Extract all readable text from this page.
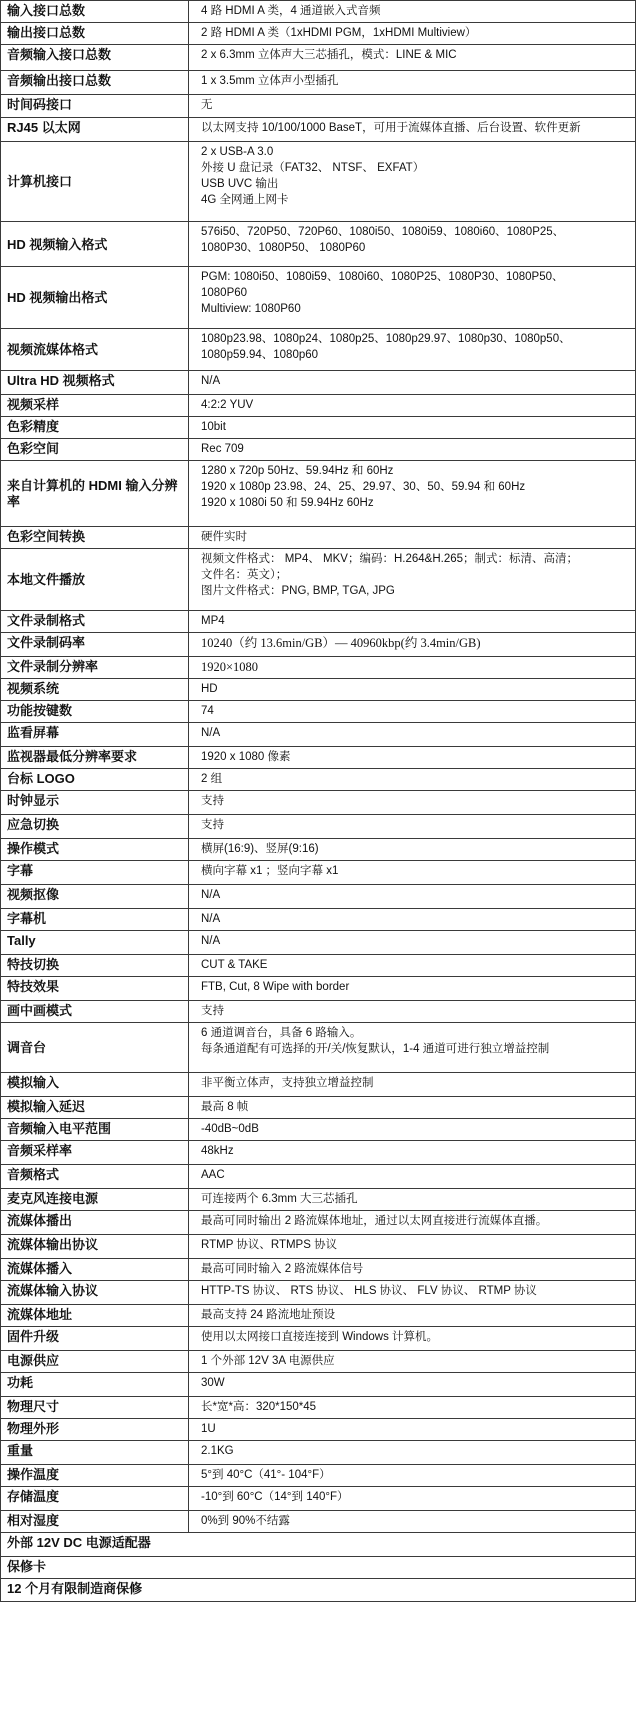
输入接口总数	4 路 HDMI A 类，4 通道嵌入式音频

输出接口总数	2 路 HDMI A 类（1xHDMI PGM，1xHDMI Multiview）

音频输入接口总数	2 x 6.3mm 立体声大三芯插孔，模式：LINE & MIC

音频输出接口总数	1 x 3.5mm 立体声小型插孔

时间码接口	无

RJ45 以太网	以太网支持 10/100/1000 BaseT，可用于流媒体直播、后台设置、软件更新

计算机接口	2 x USB-A 3.0
外接 U 盘记录（FAT32、 NTSF、 EXFAT）
USB UVC 输出
4G 全网通上网卡

HD 视频输入格式	576i50、720P50、720P60、1080i50、1080i59、1080i60、1080P25、
1080P30、1080P50、 1080P60

HD 视频输出格式	PGM: 1080i50、1080i59、1080i60、1080P25、1080P30、1080P50、
1080P60
Multiview: 1080P60

视频流媒体格式	1080p23.98、1080p24、1080p25、1080p29.97、1080p30、1080p50、
1080p59.94、1080p60

Ultra HD 视频格式	N/A

视频采样	4:2:2 YUV

色彩精度	10bit

色彩空间	Rec 709

来自计算机的 HDMI 输入分辨率	1280 x 720p 50Hz、59.94Hz 和 60Hz
1920 x 1080p 23.98、24、25、29.97、30、50、59.94 和 60Hz
1920 x 1080i 50 和 59.94Hz 60Hz

色彩空间转换	硬件实时

本地文件播放	视频文件格式： MP4、 MKV；编码：H.264&H.265；制式：标清、高清；
文件名：英文）；
图片文件格式：PNG, BMP, TGA, JPG

文件录制格式	MP4

文件录制码率	10240（约 13.6min/GB）— 40960kbp(约 3.4min/GB)

文件录制分辨率	1920×1080

视频系统	HD

功能按键数	74

监看屏幕	N/A

监视器最低分辨率要求	1920 x 1080 像素

台标 LOGO	2 组

时钟显示	支持

应急切换	支持

操作模式	横屏(16:9)、竖屏(9:16)

字幕	横向字幕 x1 ；竖向字幕 x1

视频抠像	N/A

字幕机	N/A

Tally	N/A

特技切换	CUT & TAKE

特技效果	FTB, Cut, 8 Wipe with border

画中画模式	支持

调音台	6 通道调音台，具备 6 路输入。
每条通道配有可选择的开/关/恢复默认，1-4 通道可进行独立增益控制

模拟输入	非平衡立体声，支持独立增益控制

模拟输入延迟	最高 8 帧

音频输入电平范围	-40dB~0dB

音频采样率	48kHz

音频格式	AAC

麦克风连接电源	可连接两个 6.3mm 大三芯插孔

流媒体播出	最高可同时输出 2 路流媒体地址，通过以太网直接进行流媒体直播。

流媒体输出协议	RTMP 协议、RTMPS 协议

流媒体播入	最高可同时输入 2 路流媒体信号

流媒体输入协议	HTTP-TS 协议、 RTS 协议、 HLS 协议、 FLV 协议、 RTMP 协议

流媒体地址	最高支持 24 路流地址预设

固件升级	使用以太网接口直接连接到 Windows 计算机。

电源供应	1 个外部 12V 3A 电源供应

功耗	30W

物理尺寸	长*宽*高：320*150*45

物理外形	1U

重量	2.1KG

操作温度	5°到 40°C（41°- 104°F）

存储温度	-10°到 60°C（14°到 140°F）

相对湿度	0%到 90%不结露

外部 12V DC 电源适配器	
保修卡	
12 个月有限制造商保修	
